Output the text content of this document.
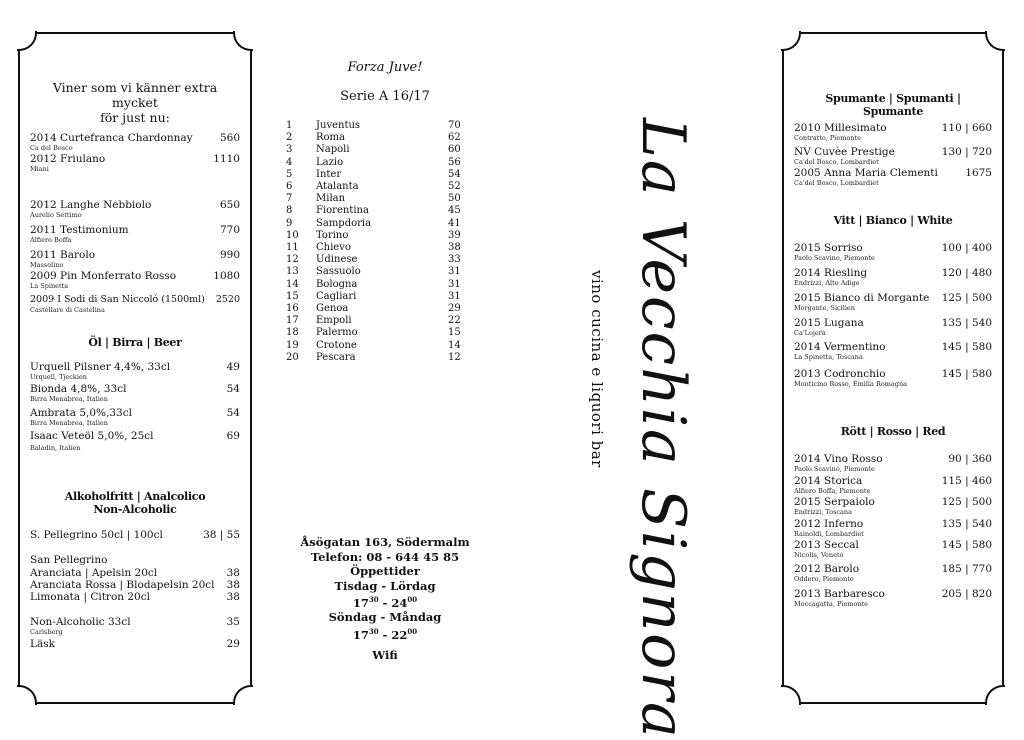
Viner som vi känner extra mycket
för just nu:
2014 Curtefranca Chardonnay	560
Ca del Bosco
2012 Friulano	1110
Miani
2012 Langhe Nebbiolo	650
Aurelio Settimo
2011 Testimonium	770
Alfiero Boffa
2011 Barolo	990
Massolino
2009 Pin Monferrato Rosso	1080
La Spinetta
2009 I Sodi di San Niccoló (1500ml) 2520
Castellare di Castelina
Öl | Birra | Beer
Urquell Pilsner 4,4%, 33cl	49
Urquell, Tjeckien
Bionda 4,8%, 33cl	54
Birra Menabrea, Italien
Ambrata 5,0%,33cl	54
Birra Menabrea, Italien
Isaac Veteöl 5,0%, 25cl	69
Baladin, Italien
Alkoholfritt | Analcolico
Non-Alcoholic
S. Pellegrino 50cl | 100cl	38 | 55
San Pellegrino
Aranciata | Apelsin 20cl	38
Aranciata Rossa | Blodapelsin 20cl 38
Limonata | Citron 20cl	38
Non-Alcoholic 33cl	35
Carlsberg
Läsk	29
Forza Juve!
Serie A 16/17
1	Juventus	70
2	Roma	62
3	Napoli	60
4	Lazio	56
5	Inter	54
6	Atalanta	52
7	Milan	50
8	Fiorentina	45
9	Sampdoria	41
10	Torino	39
11	Chievo	38
12	Udinese	33
13	Sassuolo	31
14	Bologna	31
15	Cagliari	31
16	Genoa	29
17	Empoli	22
18	Palermo	15
19	Crotone	14
20	Pescara	12
Åsögatan 163, Södermalm
Telefon: 08 - 644 45 85
Öppettider
Tisdag - Lördag
$17^{30} - 24^{00}$
Söndag - Måndag
$17^{30} - 22^{00}$
Wifi	La Vecchia Signora
vino cucina e liquori bar
Spumante | Spumanti | Spumante
2010 Millesimato	110 | 660
Contratto, Piemonte
NV Cuvèe Prestige	130 | 720
Ca'del Bosco, Lombardiet
2005 Anna Maria Clementi	1675
Ca'del Bosco, Lombardiet
Vitt | Bianco | White
2015 Sorriso	100 | 400
Paolo Scavino, Piemonte
2014 Riesling	120 | 480
Endrizzi, Alto Adige
2015 Bianco di Morgante 125 | 500
Morgante, Sicilien
2015 Lugana	135 | 540
Ca'Lojera
2014 Vermentino	145 | 580
La Spinetta, Toscana
2013 Codronchio	145 | 580
Monticino Rosso, Emilia Romagna
Rött | Rosso | Red
2014 Vino Rosso	90 | 360
Paolo Scavino, Piemonte
2014 Storica	115 | 460
Alfiero Boffa, Piemonte
2015 Serpaiolo	125 | 500
Endrizzi, Toscana
2012 Inferno	135 | 540
Rainoldi, Lombardiet
2013 Seccal	145 | 580
Nicolis, Veneto
2012 Barolo	185 | 770
Oddero, Piemonte
2013 Barbaresco	205 | 820
Moccagatta, Piemonte
